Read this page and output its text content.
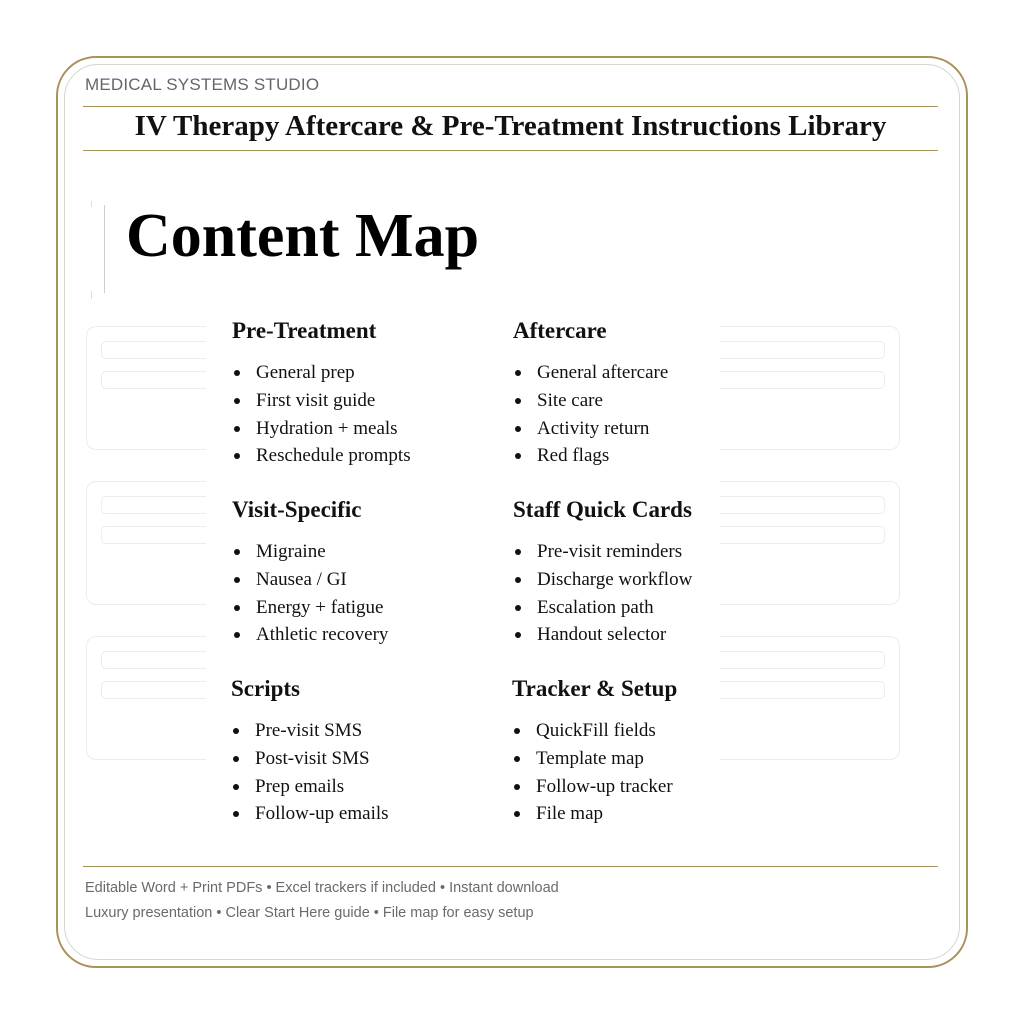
MEDICAL SYSTEMS STUDIO
IV Therapy Aftercare & Pre-Treatment Instructions Library
Content Map
Pre-Treatment
General prep
First visit guide
Hydration + meals
Reschedule prompts
Aftercare
General aftercare
Site care
Activity return
Red flags
Visit-Specific
Migraine
Nausea / GI
Energy + fatigue
Athletic recovery
Staff Quick Cards
Pre-visit reminders
Discharge workflow
Escalation path
Handout selector
Scripts
Pre-visit SMS
Post-visit SMS
Prep emails
Follow-up emails
Tracker & Setup
QuickFill fields
Template map
Follow-up tracker
File map
Editable Word + Print PDFs • Excel trackers if included • Instant download
Luxury presentation • Clear Start Here guide • File map for easy setup
